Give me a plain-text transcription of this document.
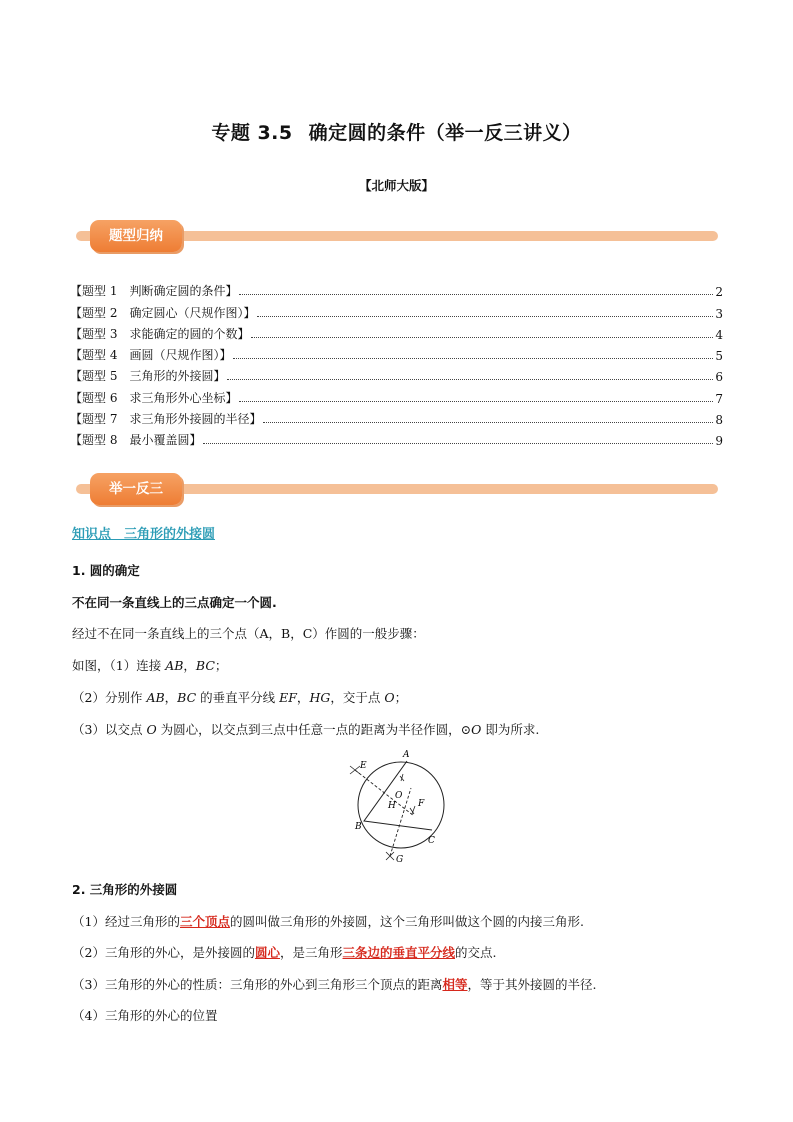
专题 3.5 确定圆的条件（举一反三讲义）
【北师大版】
题型归纳
【题型 1　判断确定圆的条件】	2
【题型 2　确定圆心（尺规作图）】	3
【题型 3　求能确定的圆的个数】	4
【题型 4　画圆（尺规作图）】	5
【题型 5　三角形的外接圆】	6
【题型 6　求三角形外心坐标】	7
【题型 7　求三角形外接圆的半径】	8
【题型 8　最小覆盖圆】	9
举一反三
知识点　三角形的外接圆
1. 圆的确定
不在同一条直线上的三点确定一个圆.
经过不在同一条直线上的三个点（A，B，C）作圆的一般步骤：
如图，（1）连接 AB，BC；
（2）分别作 AB，BC 的垂直平分线 EF，HG，交于点 O；
（3）以交点 O 为圆心，以交点到三点中任意一点的距离为半径作圆，⊙O 即为所求.
A
B
C
O
E
F
H
G
2. 三角形的外接圆
（1）经过三角形的三个顶点的圆叫做三角形的外接圆，这个三角形叫做这个圆的内接三角形.
（2）三角形的外心，是外接圆的圆心，是三角形三条边的垂直平分线的交点.
（3）三角形的外心的性质：三角形的外心到三角形三个顶点的距离相等，等于其外接圆的半径.
（4）三角形的外心的位置
